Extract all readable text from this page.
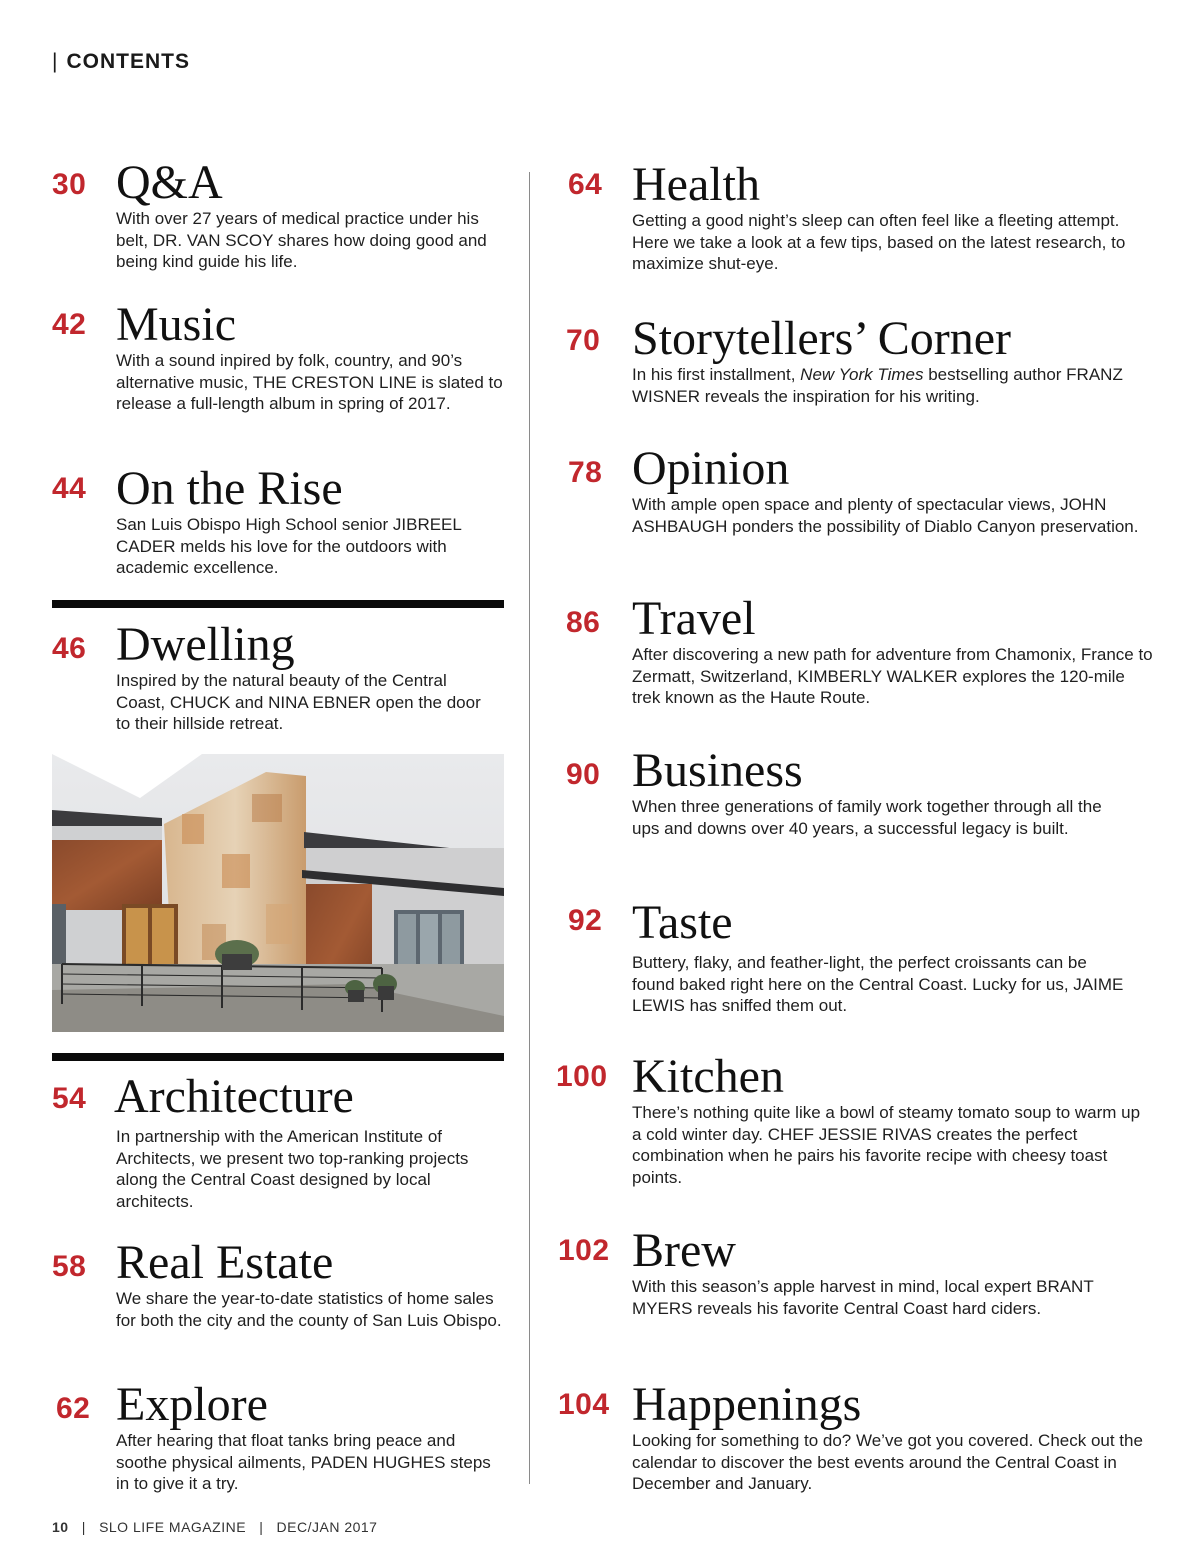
| CONTENTS
30 Q&A
With over 27 years of medical practice under his belt, DR. VAN SCOY shares how doing good and being kind guide his life.
42 Music
With a sound inpired by folk, country, and 90’s alternative music, THE CRESTON LINE is slated to release a full-length album in spring of 2017.
44 On the Rise
San Luis Obispo High School senior JIBREEL CADER melds his love for the outdoors with academic excellence.
46 Dwelling
Inspired by the natural beauty of the Central Coast, CHUCK and NINA EBNER open the door to their hillside retreat.
54 Architecture
In partnership with the American Institute of Architects, we present two top-ranking projects along the Central Coast designed by local architects.
58 Real Estate
We share the year-to-date statistics of home sales for both the city and the county of San Luis Obispo.
62 Explore
After hearing that float tanks bring peace and soothe physical ailments, PADEN HUGHES steps in to give it a try.
64 Health
Getting a good night’s sleep can often feel like a fleeting attempt. Here we take a look at a few tips, based on the latest research, to maximize shut-eye.
70 Storytellers’ Corner
In his first installment, New York Times bestselling author FRANZ WISNER reveals the inspiration for his writing.
78 Opinion
With ample open space and plenty of spectacular views, JOHN ASHBAUGH ponders the possibility of Diablo Canyon preservation.
86 Travel
After discovering a new path for adventure from Chamonix, France to Zermatt, Switzerland, KIMBERLY WALKER explores the 120-mile trek known as the Haute Route.
90 Business
When three generations of family work together through all the ups and downs over 40 years, a successful legacy is built.
92 Taste
Buttery, flaky, and feather-light, the perfect croissants can be found baked right here on the Central Coast. Lucky for us, JAIME LEWIS has sniffed them out.
100 Kitchen
There’s nothing quite like a bowl of steamy tomato soup to warm up a cold winter day. CHEF JESSIE RIVAS creates the perfect combination when he pairs his favorite recipe with cheesy toast points.
102 Brew
With this season’s apple harvest in mind, local expert BRANT MYERS reveals his favorite Central Coast hard ciders.
104 Happenings
Looking for something to do? We’ve got you covered. Check out the calendar to discover the best events around the Central Coast in December and January.
10 | SLO LIFE MAGAZINE | DEC/JAN 2017
